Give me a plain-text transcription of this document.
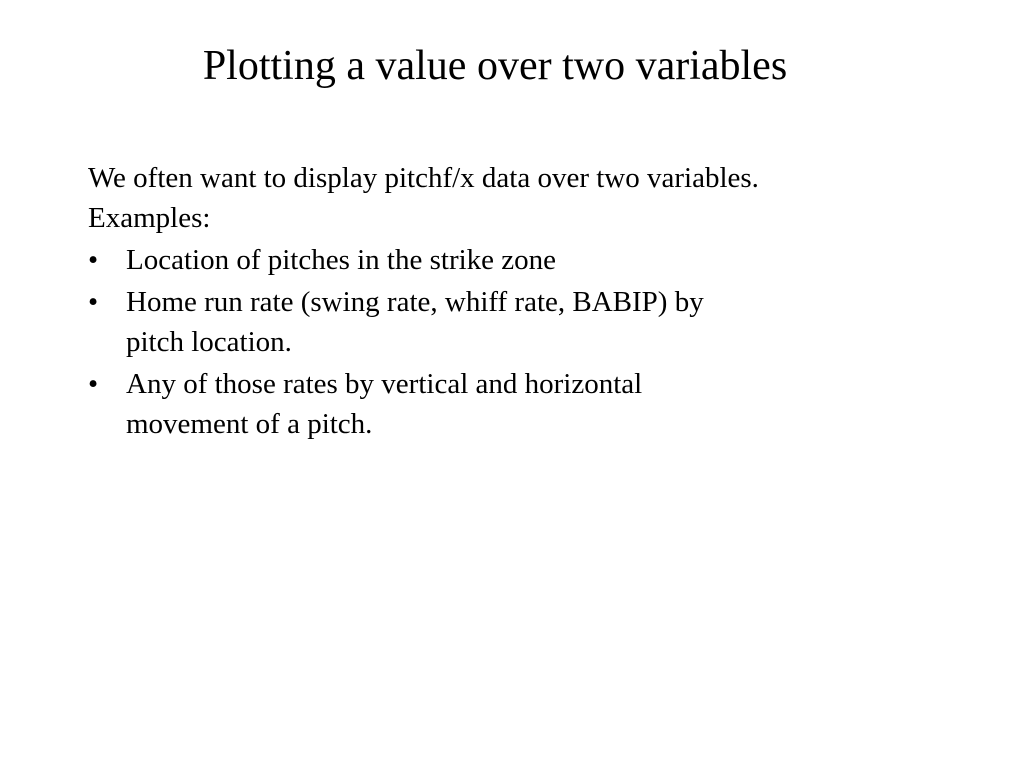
Plotting a value over two variables

We often want to display pitchf/x data over two variables.
Examples:

• Location of pitches in the strike zone
• Home run rate (swing rate, whiff rate, BABIP) by
pitch location.
• Any of those rates by vertical and horizontal
movement of a pitch.
